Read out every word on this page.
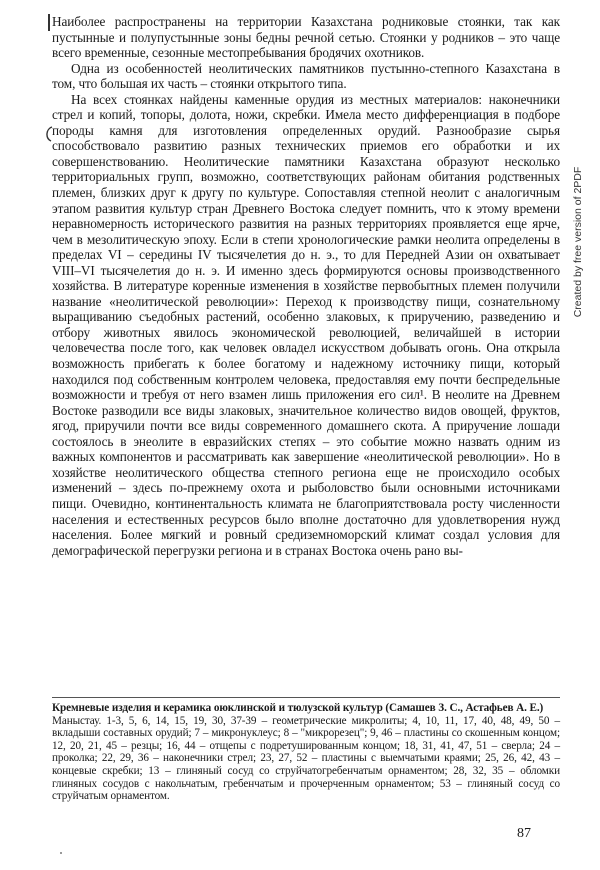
Наиболее распространены на территории Казахстана родниковые стоянки, так как пустынные и полупустынные зоны бедны речной сетью. Стоянки у родников – это чаще всего временные, сезонные местопребывания бродячих охотников.

Одна из особенностей неолитических памятников пустынно-степного Казахстана в том, что большая их часть – стоянки открытого типа.

На всех стоянках найдены каменные орудия из местных материалов: наконечники стрел и копий, топоры, долота, ножи, скребки. Имела место дифференциация в подборе породы камня для изготовления определенных орудий. Разнообразие сырья способствовало развитию разных технических приемов его обработки и их совершенствованию. Неолитические памятники Казахстана образуют несколько территориальных групп, возможно, соответствующих районам обитания родственных племен, близких друг к другу по культуре. Сопоставляя степной неолит с аналогичным этапом развития культур стран Древнего Востока следует помнить, что к этому времени неравномерность исторического развития на разных территориях проявляется еще ярче, чем в мезолитическую эпоху. Если в степи хронологические рамки неолита определены в пределах VI – середины IV тысячелетия до н. э., то для Передней Азии он охватывает VIII–VI тысячелетия до н. э. И именно здесь формируются основы производственного хозяйства. В литературе коренные изменения в хозяйстве первобытных племен получили название «неолитической революции»: Переход к производству пищи, сознательному выращиванию съедобных растений, особенно злаковых, к приручению, разведению и отбору животных явилось экономической революцией, величайшей в истории человечества после того, как человек овладел искусством добывать огонь. Она открыла возможность прибегать к более богатому и надежному источнику пищи, который находился под собственным контролем человека, предоставляя ему почти беспредельные возможности и требуя от него взамен лишь приложения его сил¹. В неолите на Древнем Востоке разводили все виды злаковых, значительное количество видов овощей, фруктов, ягод, приручили почти все виды современного домашнего скота. А приручение лошади состоялось в энеолите в евразийских степях – это событие можно назвать одним из важных компонентов и рассматривать как завершение «неолитической революции». Но в хозяйстве неолитического общества степного региона еще не происходило особых изменений – здесь по-прежнему охота и рыболовство были основными источниками пищи. Очевидно, континентальность климата не благоприятствовала росту численности населения и естественных ресурсов было вполне достаточно для удовлетворения нужд населения. Более мягкий и ровный средиземноморский климат создал условия для демографической перегрузки региона и в странах Востока очень рано вы-

Кремневые изделия и керамика оюклинской и тюлузской культур (Самашев З. С., Астафьев А. Е.)

Маныстау. 1-3, 5, 6, 14, 15, 19, 30, 37-39 – геометрические микролиты; 4, 10, 11, 17, 40, 48, 49, 50 – вкладыши составных орудий; 7 – микронуклеус; 8 – "микрорезец"; 9, 46 – пластины со скошенным концом; 12, 20, 21, 45 – резцы; 16, 44 – отщепы с подретушированным концом; 18, 31, 41, 47, 51 – сверла; 24 – проколка; 22, 29, 36 – наконечники стрел; 23, 27, 52 – пластины с выемчатыми краями; 25, 26, 42, 43 – концевые скребки; 13 – глиняный сосуд со струйчатогребенчатым орнаментом; 28, 32, 35 – обломки глиняных сосудов с накольчатым, гребенчатым и прочерченным орнаментом; 53 – глиняный сосуд со струйчатым орнаментом.

87
Created by free version of 2PDF
